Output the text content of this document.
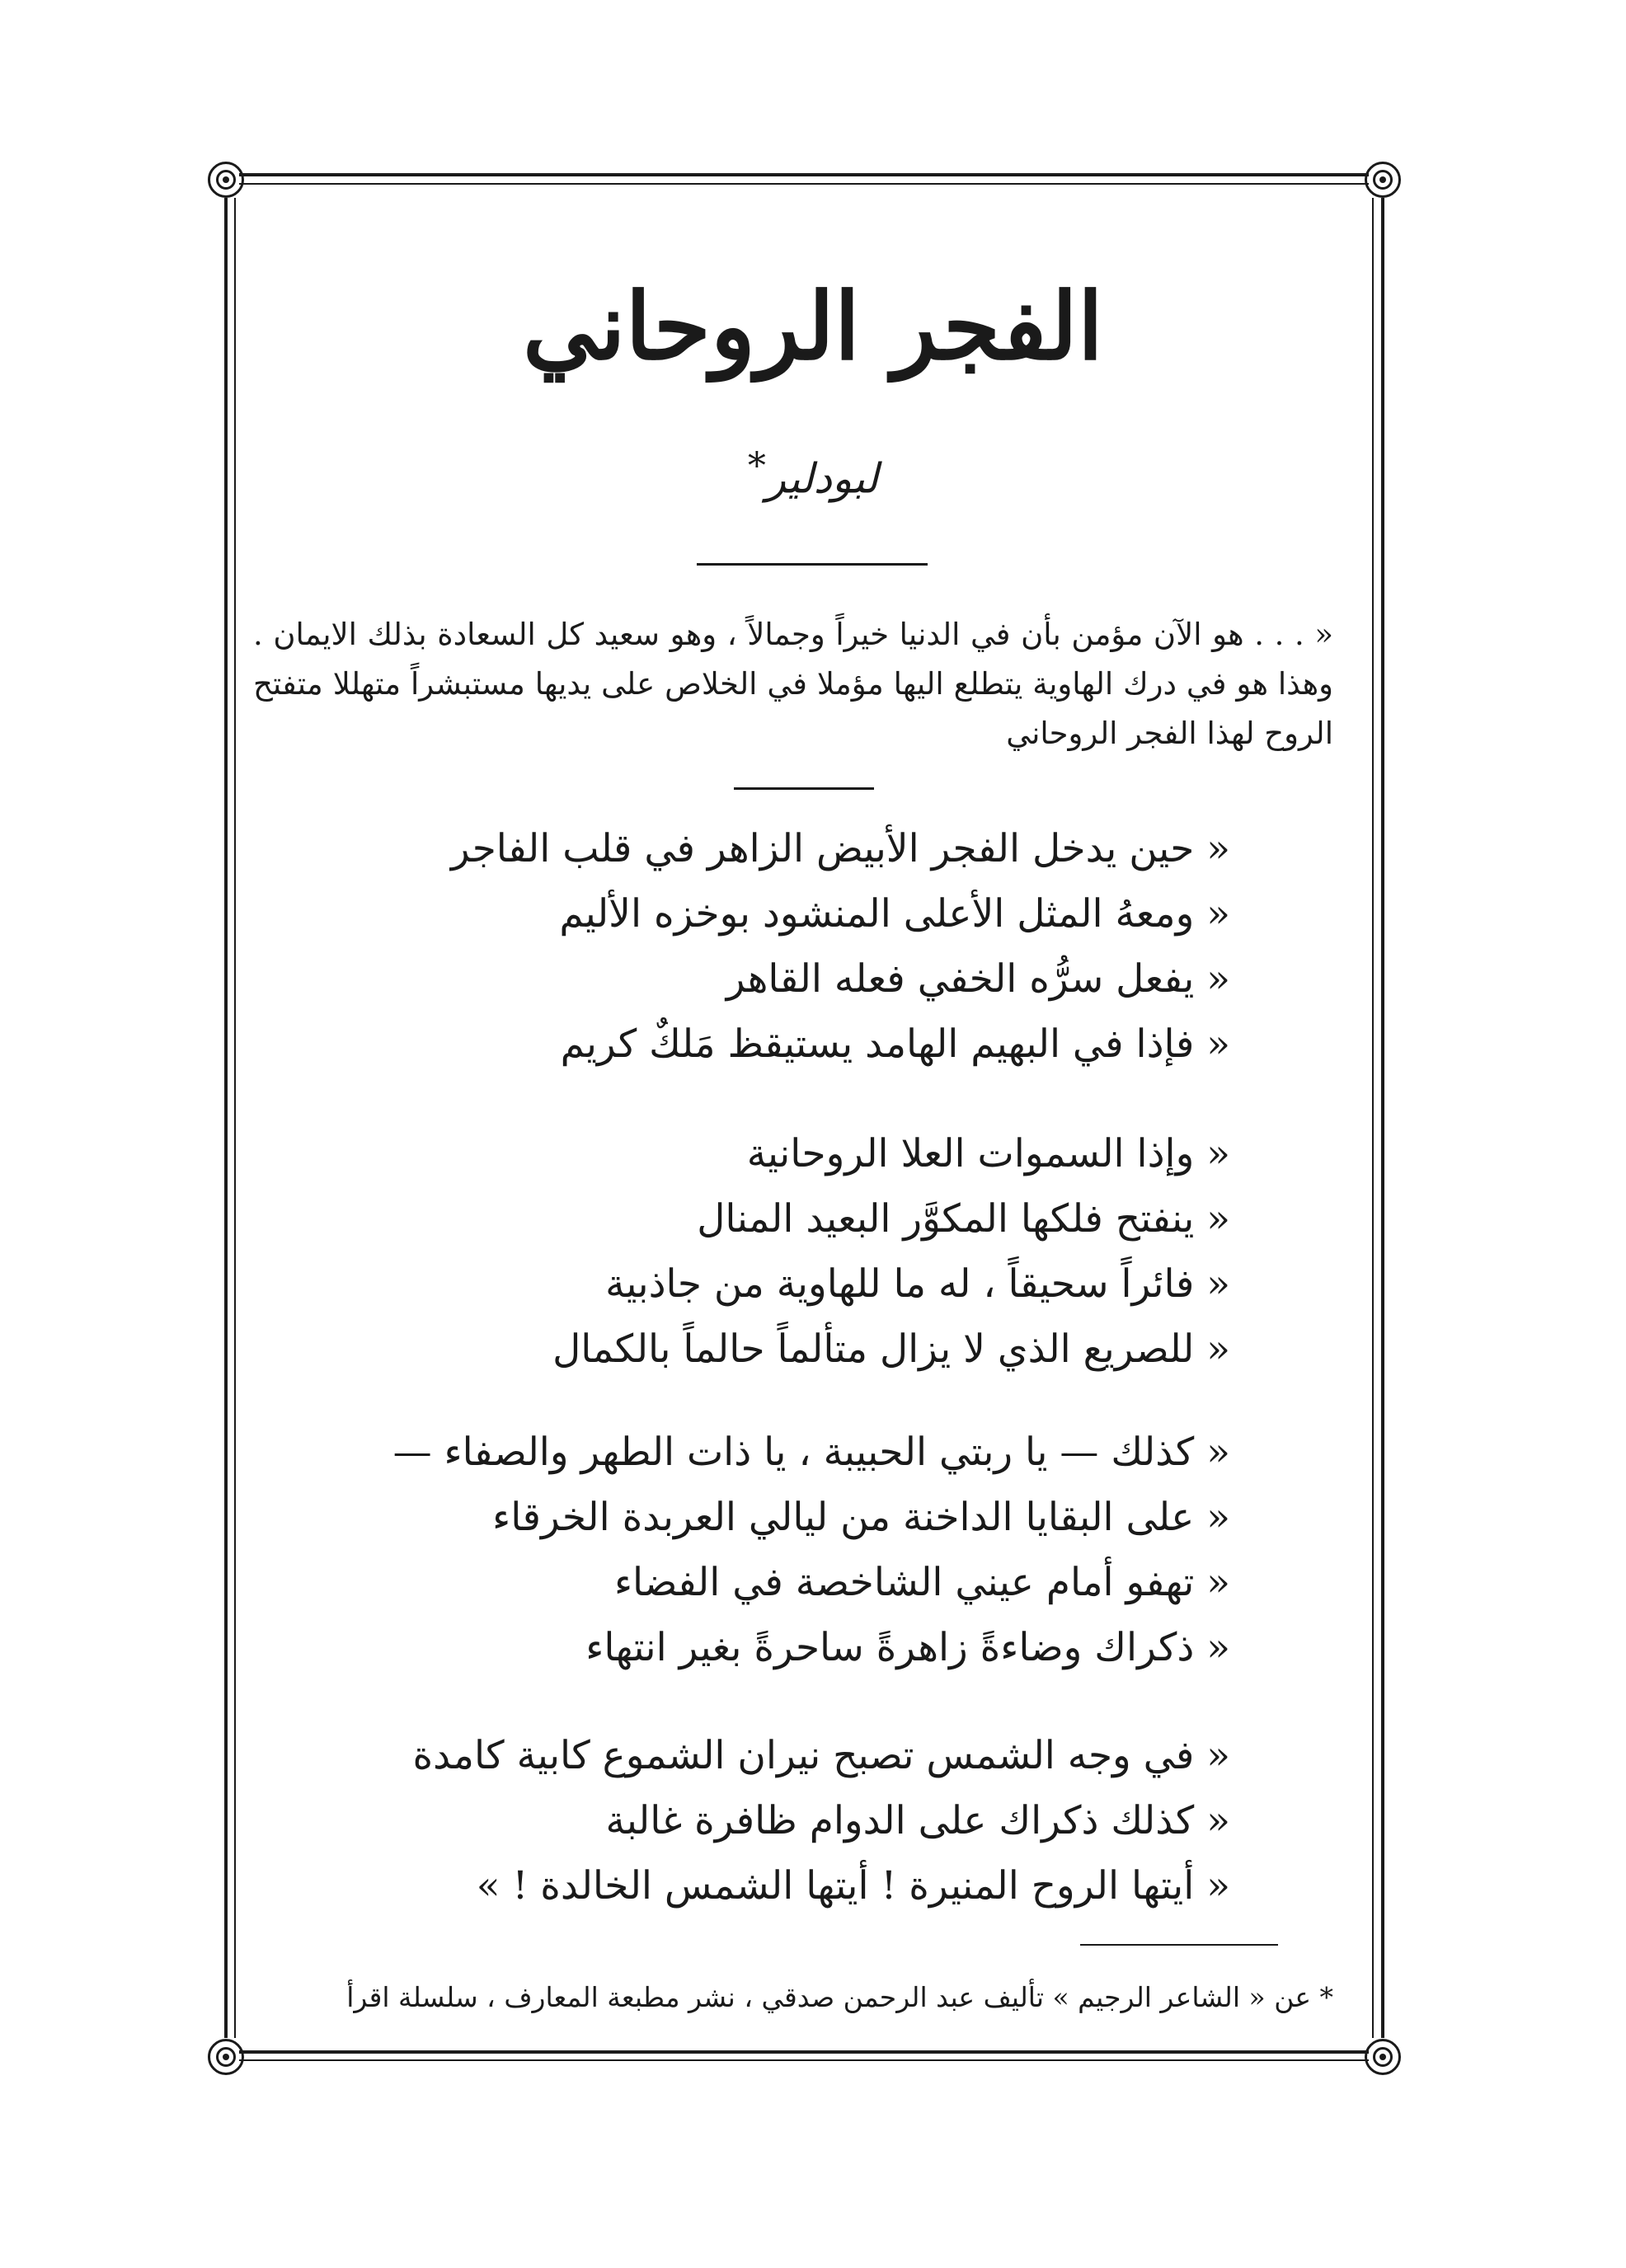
الفجر الروحاني
لبودلير*
« . . . هو الآن مؤمن بأن في الدنيا خيراً وجمالاً ، وهو سعيد كل السعادة بذلك الايمان . وهذا هو في درك الهاوية يتطلع اليها مؤملا في الخلاص على يديها مستبشراً متهللا متفتح الروح لهذا الفجر الروحاني
« حين يدخل الفجر الأبيض الزاهر في قلب الفاجر
« ومعهُ المثل الأعلى المنشود بوخزه الأليم
« يفعل سرُّه الخفي فعله القاهر
« فإذا في البهيم الهامد يستيقظ مَلكٌ كريم
« وإذا السموات العلا الروحانية
« ينفتح فلكها المكوَّر البعيد المنال
« فائراً سحيقاً ، له ما للهاوية من جاذبية
« للصريع الذي لا يزال متألماً حالماً بالكمال
« كذلك — يا ربتي الحبيبة ، يا ذات الطهر والصفاء —
« على البقايا الداخنة من ليالي العربدة الخرقاء
« تهفو أمام عيني الشاخصة في الفضاء
« ذكراك وضاءةً زاهرةً ساحرةً بغير انتهاء
« في وجه الشمس تصبح نيران الشموع كابية كامدة
« كذلك ذكراك على الدوام ظافرة غالبة
« أيتها الروح المنيرة ! أيتها الشمس الخالدة ! »
* عن « الشاعر الرجيم » تأليف عبد الرحمن صدقي ، نشر مطبعة المعارف ، سلسلة اقرأ
